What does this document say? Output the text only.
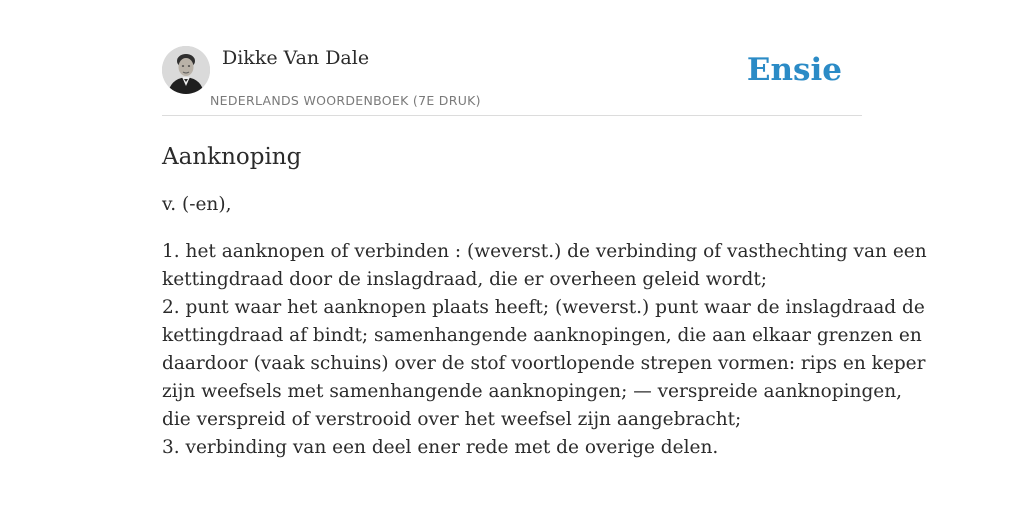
Dikke Van Dale
NEDERLANDS WOORDENBOEK (7E DRUK)
Ensie
Aanknoping
v. (-en),
1. het aanknopen of verbinden : (weverst.) de verbinding of vasthechting van een
kettingdraad door de inslagdraad, die er overheen geleid wordt;
2. punt waar het aanknopen plaats heeft; (weverst.) punt waar de inslagdraad de
kettingdraad af bindt; samenhangende aanknopingen, die aan elkaar grenzen en
daardoor (vaak schuins) over de stof voortlopende strepen vormen: rips en keper
zijn weefsels met samenhangende aanknopingen; — verspreide aanknopingen,
die verspreid of verstrooid over het weefsel zijn aangebracht;
3. verbinding van een deel ener rede met de overige delen.
